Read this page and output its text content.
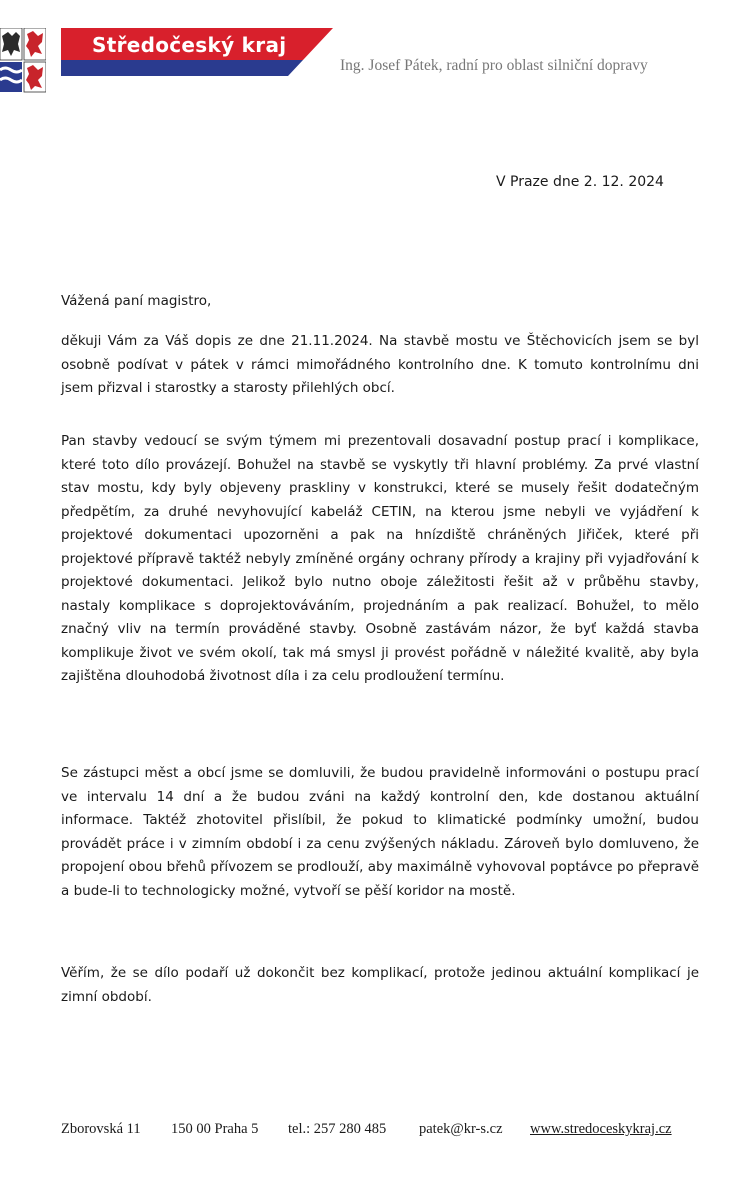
Středočeský kraj
Ing. Josef Pátek, radní pro oblast silniční dopravy
V Praze dne 2. 12. 2024

Vážená paní magistro,

děkuji Vám za Váš dopis ze dne 21.11.2024. Na stavbě mostu ve Štěchovicích jsem se byl osobně podívat v pátek v rámci mimořádného kontrolního dne. K tomuto kontrolnímu dni jsem přizval i starostky a starosty přilehlých obcí.

Pan stavby vedoucí se svým týmem mi prezentovali dosavadní postup prací i komplikace, které toto dílo provázejí. Bohužel na stavbě se vyskytly tři hlavní problémy. Za prvé vlastní stav mostu, kdy byly objeveny praskliny v konstrukci, které se musely řešit dodatečným předpětím, za druhé nevyhovující kabeláž CETIN, na kterou jsme nebyli ve vyjádření k projektové dokumentaci upozorněni a pak na hnízdiště chráněných Jiřiček, které při projektové přípravě taktéž nebyly zmíněné orgány ochrany přírody a krajiny při vyjadřování k projektové dokumentaci. Jelikož bylo nutno oboje záležitosti řešit až v průběhu stavby, nastaly komplikace s doprojektováváním, projednáním a pak realizací. Bohužel, to mělo značný vliv na termín prováděné stavby. Osobně zastávám názor, že byť každá stavba komplikuje život ve svém okolí, tak má smysl ji provést pořádně v náležité kvalitě, aby byla zajištěna dlouhodobá životnost díla i za celu prodloužení termínu.

Se zástupci měst a obcí jsme se domluvili, že budou pravidelně informováni o postupu prací ve intervalu 14 dní a že budou zváni na každý kontrolní den, kde dostanou aktuální informace. Taktéž zhotovitel přislíbil, že pokud to klimatické podmínky umožní, budou provádět práce i v zimním období i za cenu zvýšených nákladu. Zároveň bylo domluveno, že propojení obou břehů přívozem se prodlouží, aby maximálně vyhovoval poptávce po přepravě a bude-li to technologicky možné, vytvoří se pěší koridor na mostě.

Věřím, že se dílo podaří už dokončit bez komplikací, protože jedinou aktuální komplikací je zimní období.

Zborovská 11 150 00 Praha 5 tel.: 257 280 485 patek@kr-s.cz www.stredoceskykraj.cz
